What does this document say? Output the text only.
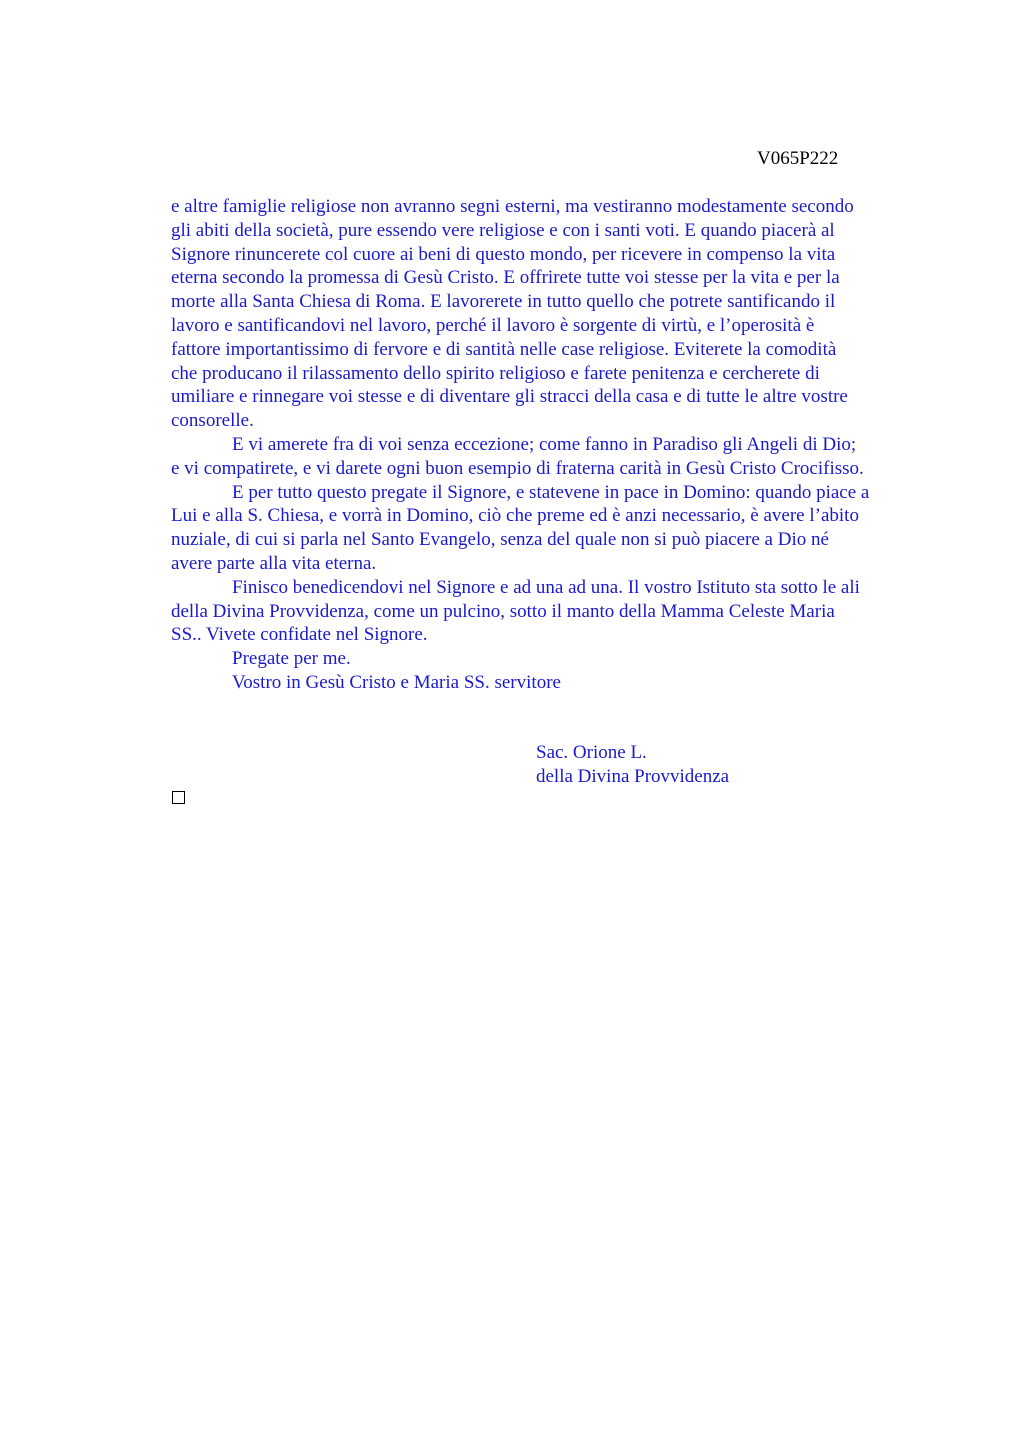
V065P222
e altre famiglie religiose non avranno segni esterni, ma vestiranno modestamente secondo
gli abiti della società, pure essendo vere religiose e con i santi voti. E quando piacerà al
Signore rinuncerete col cuore ai beni di questo mondo, per ricevere in compenso la vita
eterna secondo la promessa di Gesù Cristo. E offrirete tutte voi stesse per la vita e per la
morte alla Santa Chiesa di Roma. E lavorerete in tutto quello che potrete santificando il
lavoro e santificandovi nel lavoro, perché il lavoro è sorgente di virtù, e l’operosità è
fattore importantissimo di fervore e di santità nelle case religiose. Eviterete la comodità
che producano il rilassamento dello spirito religioso e farete penitenza e cercherete di
umiliare e rinnegare voi stesse e di diventare gli stracci della casa e di tutte le altre vostre
consorelle.
E vi amerete fra di voi senza eccezione; come fanno in Paradiso gli Angeli di Dio;
e vi compatirete, e vi darete ogni buon esempio di fraterna carità in Gesù Cristo Crocifisso.
E per tutto questo pregate il Signore, e statevene in pace in Domino: quando piace a
Lui e alla S. Chiesa, e vorrà in Domino, ciò che preme ed è anzi necessario, è avere l’abito
nuziale, di cui si parla nel Santo Evangelo, senza del quale non si può piacere a Dio né
avere parte alla vita eterna.
Finisco benedicendovi nel Signore e ad una ad una. Il vostro Istituto sta sotto le ali
della Divina Provvidenza, come un pulcino, sotto il manto della Mamma Celeste Maria
SS.. Vivete confidate nel Signore.
Pregate per me.
Vostro in Gesù Cristo e Maria SS. servitore
Sac. Orione L.
della Divina Provvidenza
